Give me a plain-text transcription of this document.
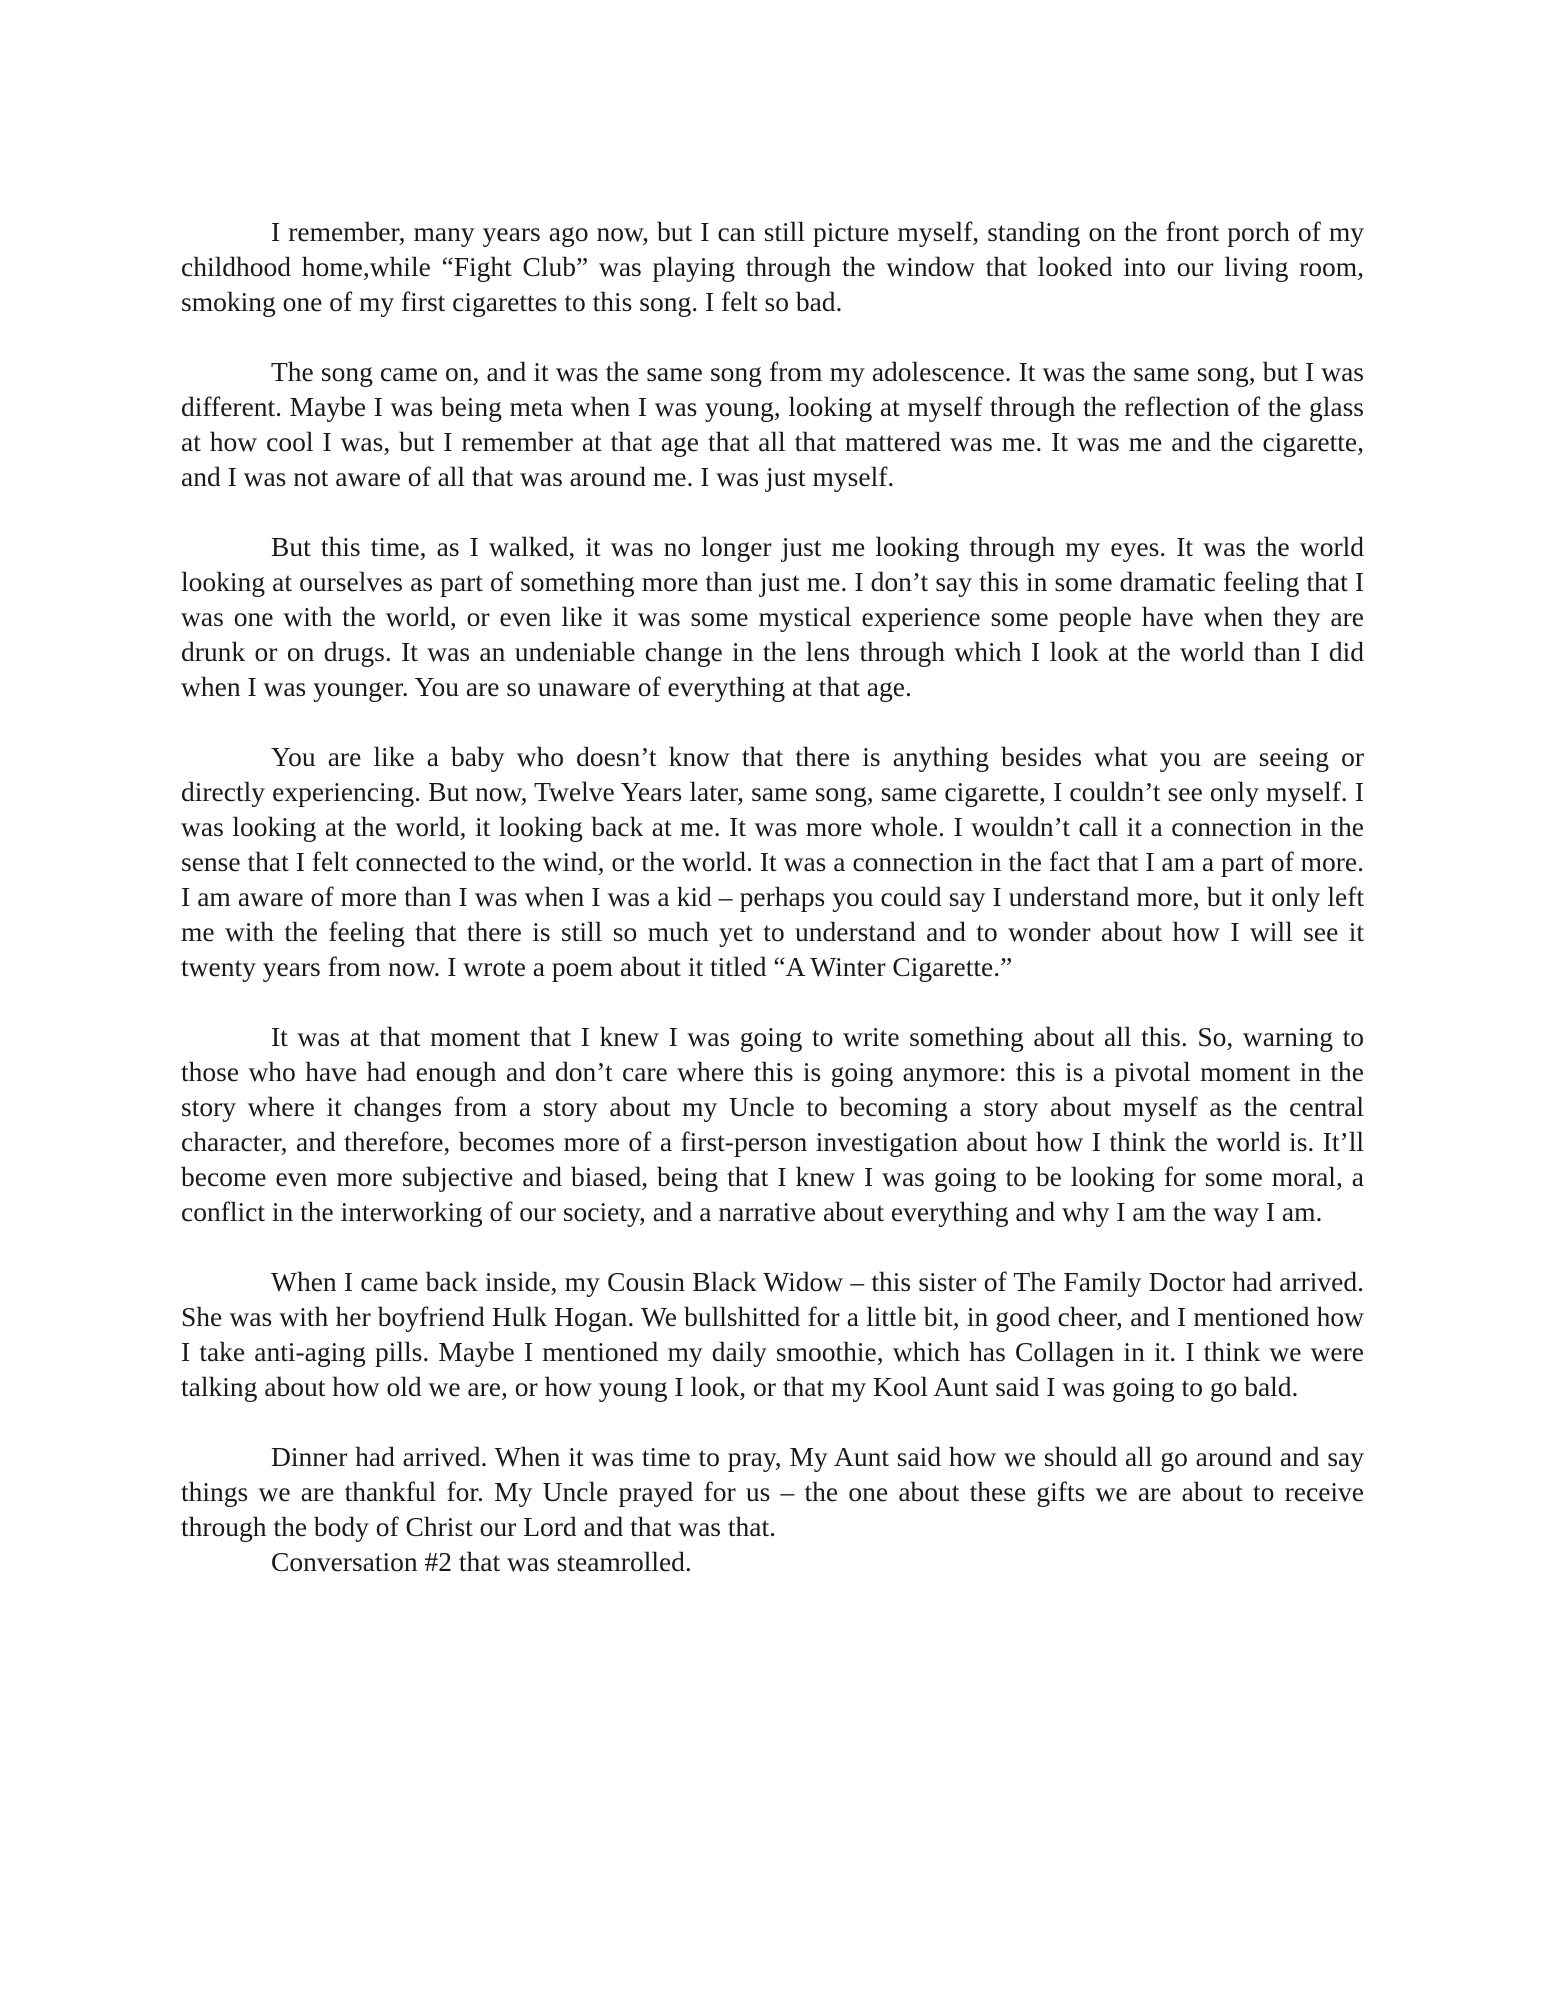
I remember, many years ago now, but I can still picture myself, standing on the front porch of my childhood home,while “Fight Club” was playing through the window that looked into our living room, smoking one of my first cigarettes to this song. I felt so bad.

The song came on, and it was the same song from my adolescence. It was the same song, but I was different. Maybe I was being meta when I was young, looking at myself through the reflection of the glass at how cool I was, but I remember at that age that all that mattered was me. It was me and the cigarette, and I was not aware of all that was around me. I was just myself.

But this time, as I walked, it was no longer just me looking through my eyes. It was the world looking at ourselves as part of something more than just me. I don’t say this in some dramatic feeling that I was one with the world, or even like it was some mystical experience some people have when they are drunk or on drugs. It was an undeniable change in the lens through which I look at the world than I did when I was younger. You are so unaware of everything at that age.

You are like a baby who doesn’t know that there is anything besides what you are seeing or directly experiencing. But now, Twelve Years later, same song, same cigarette, I couldn’t see only myself. I was looking at the world, it looking back at me. It was more whole. I wouldn’t call it a connection in the sense that I felt connected to the wind, or the world. It was a connection in the fact that I am a part of more. I am aware of more than I was when I was a kid – perhaps you could say I understand more, but it only left me with the feeling that there is still so much yet to understand and to wonder about how I will see it twenty years from now. I wrote a poem about it titled “A Winter Cigarette.”

It was at that moment that I knew I was going to write something about all this. So, warning to those who have had enough and don’t care where this is going anymore: this is a pivotal moment in the story where it changes from a story about my Uncle to becoming a story about myself as the central character, and therefore, becomes more of a first-person investigation about how I think the world is. It’ll become even more subjective and biased, being that I knew I was going to be looking for some moral, a conflict in the interworking of our society, and a narrative about everything and why I am the way I am.

When I came back inside, my Cousin Black Widow – this sister of The Family Doctor had arrived. She was with her boyfriend Hulk Hogan. We bullshitted for a little bit, in good cheer, and I mentioned how I take anti-aging pills. Maybe I mentioned my daily smoothie, which has Collagen in it. I think we were talking about how old we are, or how young I look, or that my Kool Aunt said I was going to go bald.

Dinner had arrived. When it was time to pray, My Aunt said how we should all go around and say things we are thankful for. My Uncle prayed for us – the one about these gifts we are about to receive through the body of Christ our Lord and that was that.

Conversation #2 that was steamrolled.
